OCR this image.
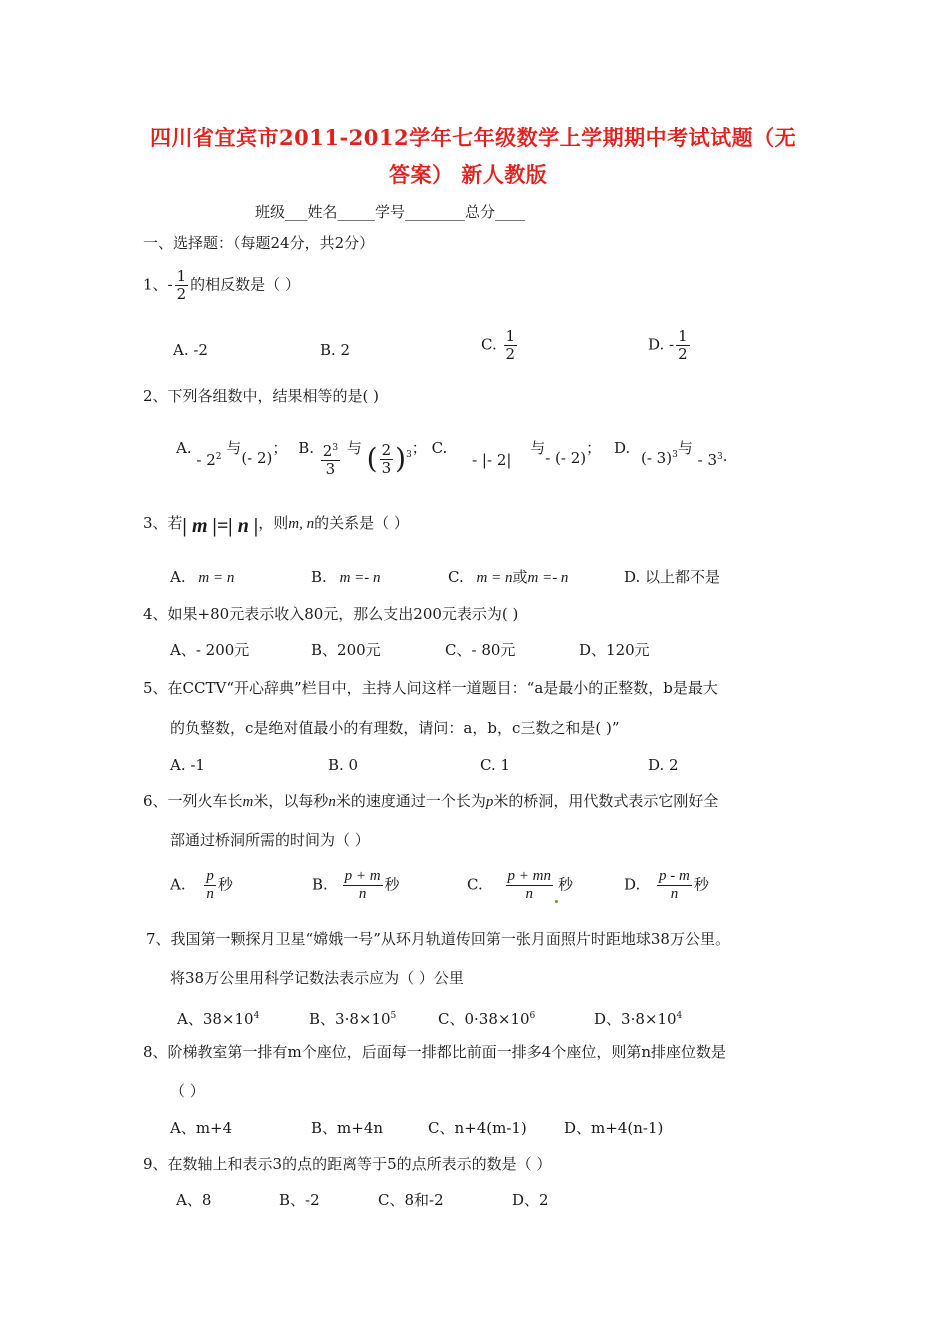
四川省宜宾市2011-2012学年七年级数学上学期期中考试试题（无
答案） 新人教版
班级___姓名_____学号________总分____
一、选择题：（每题24分，共2分）
1、- $\frac{1}{2}$ 的相反数是（ ）
A. -2	B. 2	C. $\frac{1}{2}$	D. - $\frac{1}{2}$
2、下列各组数中，结果相等的是( )
A. - $2^2$ 与(- 2)； B. $\frac{2^3}{3}$ 与 ( $\frac{2}{3} )^3$； C. - |- 2| 与- (- 2)； D. (- 3)$^3$与 - $3^3$.
3、若| m |=| n |，则m, n的关系是（ ）
A. m = n	B. m =- n	C. m = n或m =- n	D. 以上都不是
4、如果+80元表示收入80元，那么支出200元表示为( )
A、- 200元	B、200元	C、- 80元	D、120元
5、在CCTV“开心辞典”栏目中，主持人问这样一道题目：“a是最小的正整数，b是最大
的负整数，c是绝对值最小的有理数，请问：a，b，c三数之和是( )”
A. -1	B. 0	C. 1	D. 2
6、一列火车长m米，以每秒n米的速度通过一个长为p米的桥洞，用代数式表示它刚好全
部通过桥洞所需的时间为（ ）
A. $\frac{p}{n}$ 秒	B. $\frac{p + m}{n}$ 秒	C. $\frac{p + mn}{n}$ 秒	D. $\frac{p - m}{n}$ 秒
7、我国第一颗探月卫星“嫦娥一号”从环月轨道传回第一张月面照片时距地球38万公里。
将38万公里用科学记数法表示应为（ ）公里
A、$38\times 10^4$	B、$3\cdot 8\times 10^5$	C、$0\cdot 38\times 10^6$	D、$3\cdot 8\times 10^4$
8、阶梯教室第一排有m个座位，后面每一排都比前面一排多4个座位，则第n排座位数是
（ ）
A、m+4	B、m+4n	C、n+4(m-1) D、m+4(n-1)
9、在数轴上和表示3的点的距离等于5的点所表示的数是（ ）
A、8	B、-2	C、8和-2	D、2
